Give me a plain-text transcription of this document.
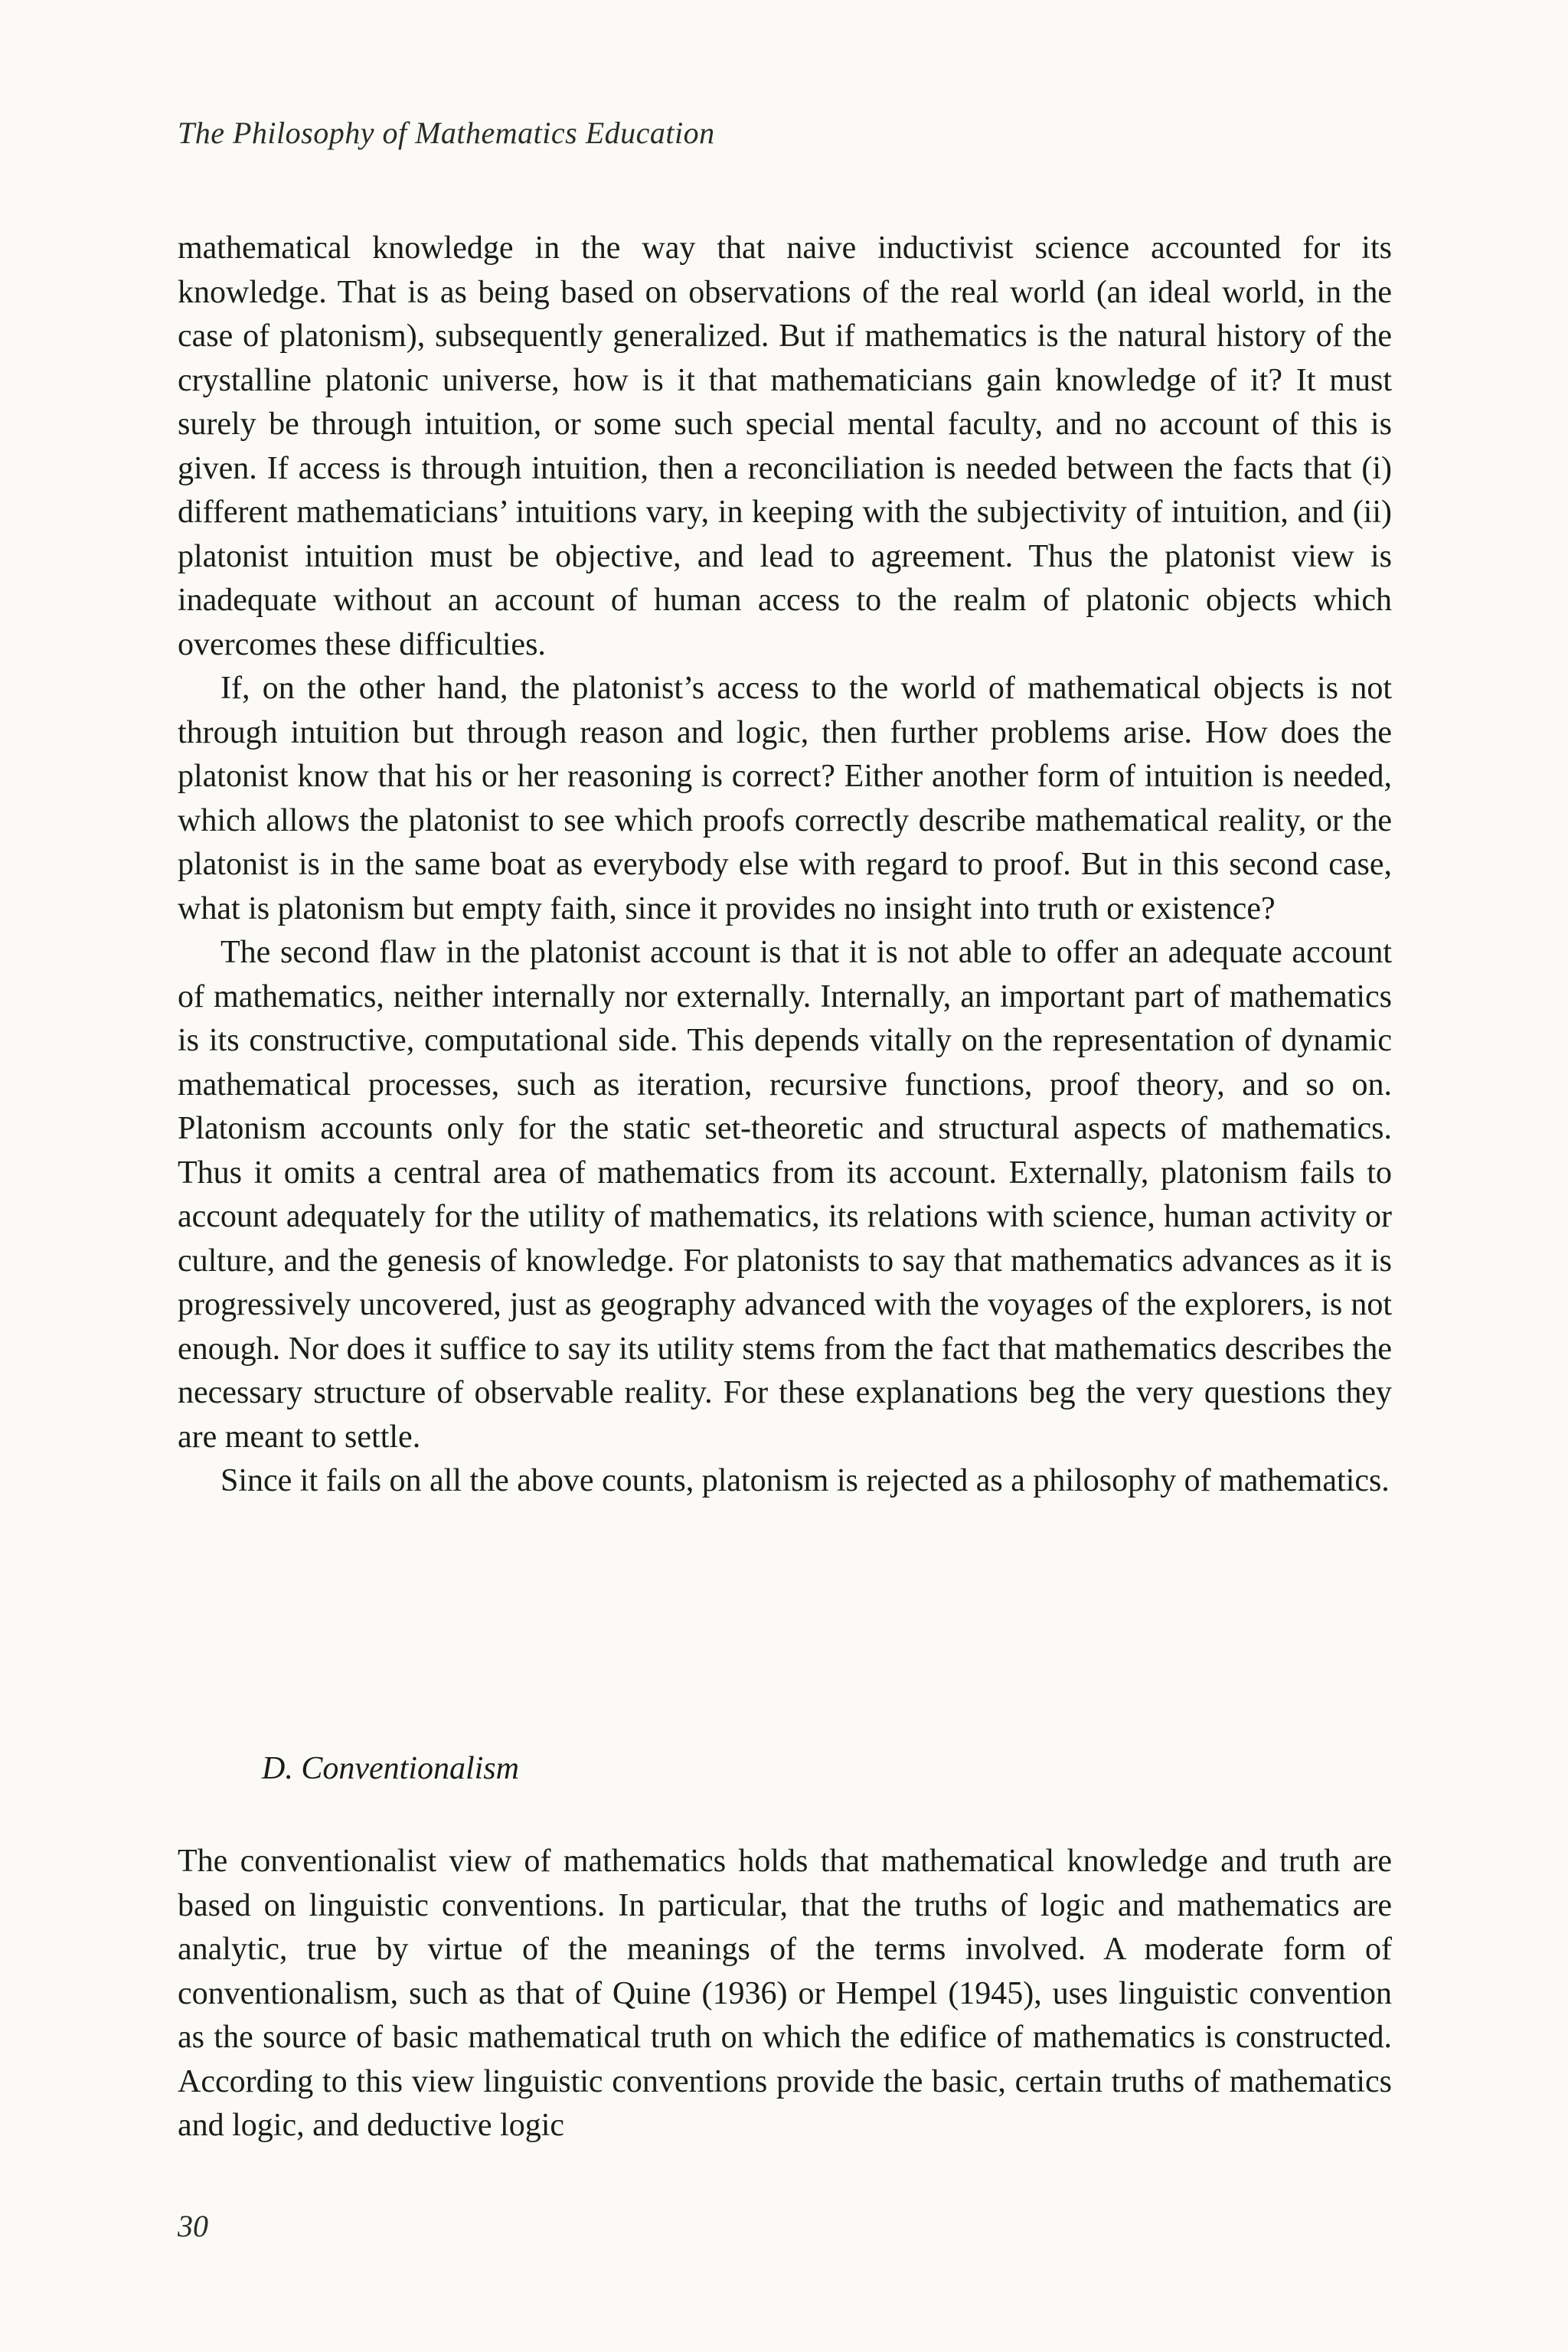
The Philosophy of Mathematics Education

mathematical knowledge in the way that naive inductivist science accounted for its knowledge. That is as being based on observations of the real world (an ideal world, in the case of platonism), subsequently generalized. But if mathematics is the natural history of the crystalline platonic universe, how is it that mathematicians gain knowledge of it? It must surely be through intuition, or some such special mental faculty, and no account of this is given. If access is through intuition, then a reconciliation is needed between the facts that (i) different mathematicians’ intuitions vary, in keeping with the subjectivity of intuition, and (ii) platonist intuition must be objective, and lead to agreement. Thus the platonist view is inadequate without an account of human access to the realm of platonic objects which overcomes these difficulties.

If, on the other hand, the platonist’s access to the world of mathematical objects is not through intuition but through reason and logic, then further problems arise. How does the platonist know that his or her reasoning is correct? Either another form of intuition is needed, which allows the platonist to see which proofs correctly describe mathematical reality, or the platonist is in the same boat as everybody else with regard to proof. But in this second case, what is platonism but empty faith, since it provides no insight into truth or existence?

The second flaw in the platonist account is that it is not able to offer an adequate account of mathematics, neither internally nor externally. Internally, an important part of mathematics is its constructive, computational side. This depends vitally on the representation of dynamic mathematical processes, such as iteration, recursive functions, proof theory, and so on. Platonism accounts only for the static set-theoretic and structural aspects of mathematics. Thus it omits a central area of mathematics from its account. Externally, platonism fails to account adequately for the utility of mathematics, its relations with science, human activity or culture, and the genesis of knowledge. For platonists to say that mathematics advances as it is progressively uncovered, just as geography advanced with the voyages of the explorers, is not enough. Nor does it suffice to say its utility stems from the fact that mathematics describes the necessary structure of observable reality. For these explanations beg the very questions they are meant to settle.

Since it fails on all the above counts, platonism is rejected as a philosophy of mathematics.

D. Conventionalism

The conventionalist view of mathematics holds that mathematical knowledge and truth are based on linguistic conventions. In particular, that the truths of logic and mathematics are analytic, true by virtue of the meanings of the terms involved. A moderate form of conventionalism, such as that of Quine (1936) or Hempel (1945), uses linguistic convention as the source of basic mathematical truth on which the edifice of mathematics is constructed. According to this view linguistic conventions provide the basic, certain truths of mathematics and logic, and deductive logic

30
